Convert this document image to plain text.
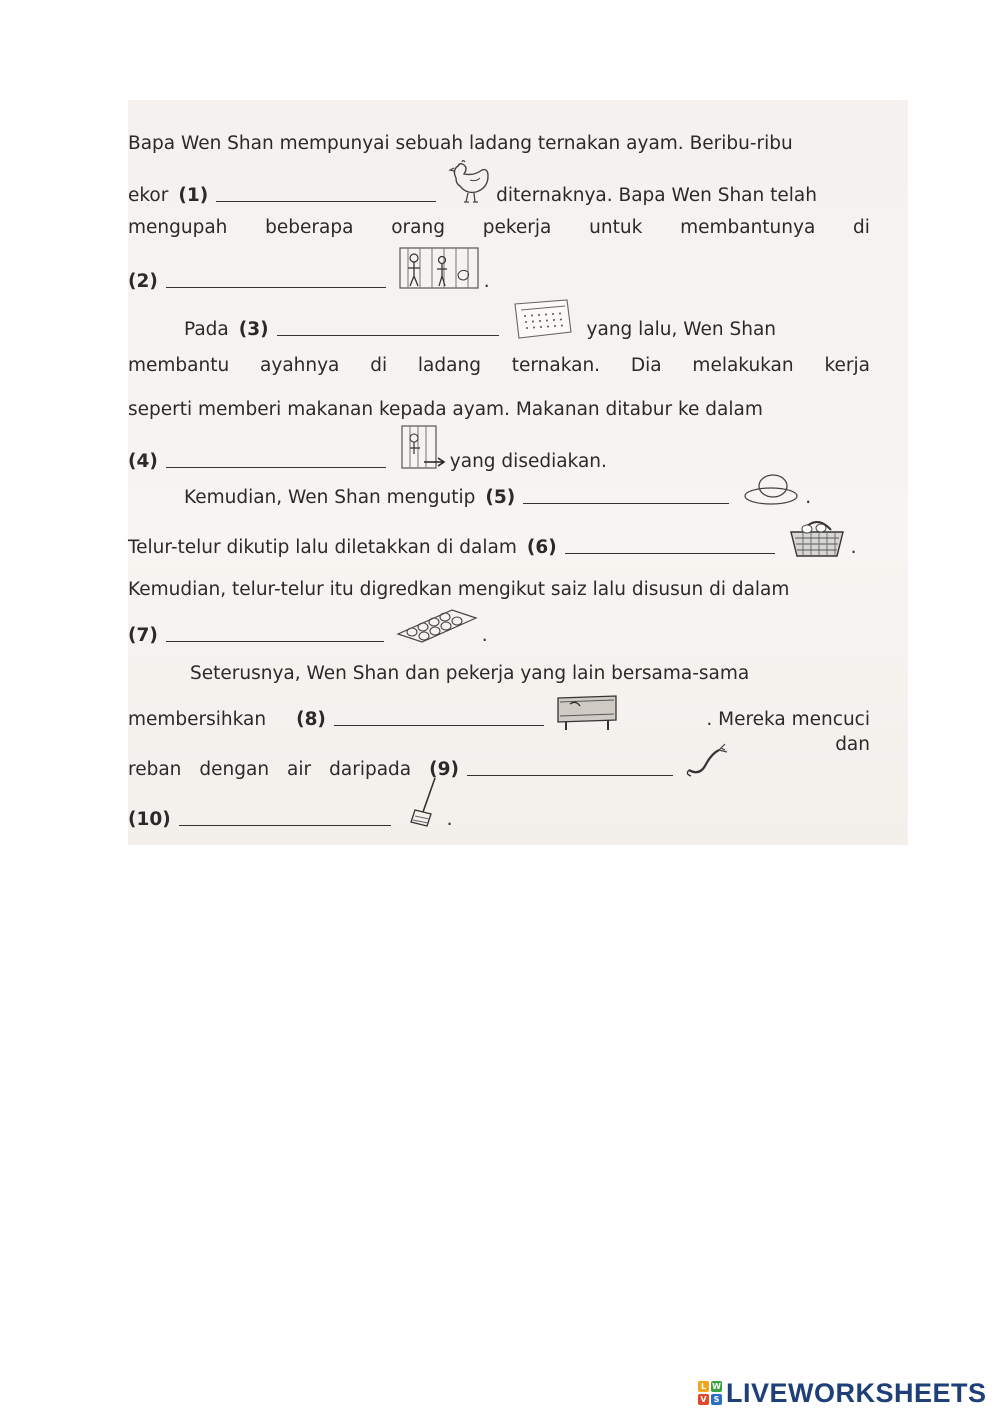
Bapa Wen Shan mempunyai sebuah ladang ternakan ayam. Beribu-ribu
ekor (1)	diternaknya. Bapa Wen Shan telah
mengupah beberapa orang pekerja untuk membantunya di
(2)	.
Pada (3)	yang lalu, Wen Shan
membantu ayahnya di ladang ternakan. Dia melakukan kerja
seperti memberi makanan kepada ayam. Makanan ditabur ke dalam
(4)	yang disediakan.
Kemudian, Wen Shan mengutip (5)	.
Telur-telur dikutip lalu diletakkan di dalam (6)	.
Kemudian, telur-telur itu digredkan mengikut saiz lalu disusun di dalam
(7)	.
Seterusnya, Wen Shan dan pekerja yang lain bersama-sama
membersihkan (8)	. Mereka mencuci
reban dengan air daripada (9)
dan
(10)	.
L W
V S LIVEWORKSHEETS
